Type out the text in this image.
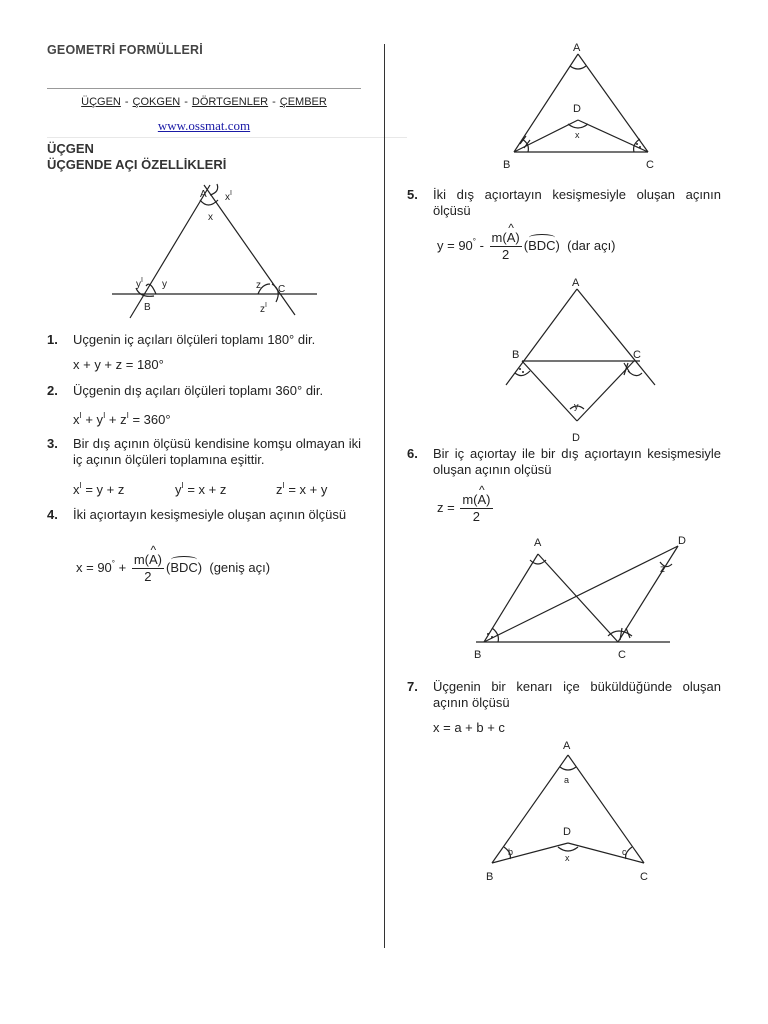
GEOMETRİ FORMÜLLERİ
ÜÇGEN - ÇOKGEN - DÖRTGENLER - ÇEMBER
www.ossmat.com
ÜÇGEN
ÜÇGENDE AÇI ÖZELLİKLERİ
A
x
$x^I$
$y^I$ y
B
z C
$z^I$
1. Uçgenin iç açıları ölçüleri toplamı 180° dir.
x + y + z = 180°
2. Üçgenin dış açıları ölçüleri toplamı 360° dir.
$x^I + y^I + z^I = 360^\circ$
3. Bir dış açının ölçüsü kendisine komşu olmayan iki iç açının ölçüleri toplamına eşittir.
$x^I = y + z$	$y^I = x + z$	$z^I = x + y$
4. İki açıortayın kesişmesiyle oluşan açının ölçüsü
$x = 90^\circ + \frac{m(\^{} A)}{2} (BDC)$ (geniş açı)
A
D
x
B	C
5. İki dış açıortayın kesişmesiyle oluşan açının ölçüsü
$y = 90^\circ - \frac{m(\^{} A)}{2} (BDC)$ (dar açı)
A
B	C
y
D
6. Bir iç açıortay ile bir dış açıortayın kesişmesiyle oluşan açının olçüsü
$z = \frac{m(\^{} A)}{2}$
A	D
z
B	C
7. Üçgenin bir kenarı içe büküldüğünde oluşan açının ölçüsü
x = a + b + c
A
a
D
b	c
x
B	C
